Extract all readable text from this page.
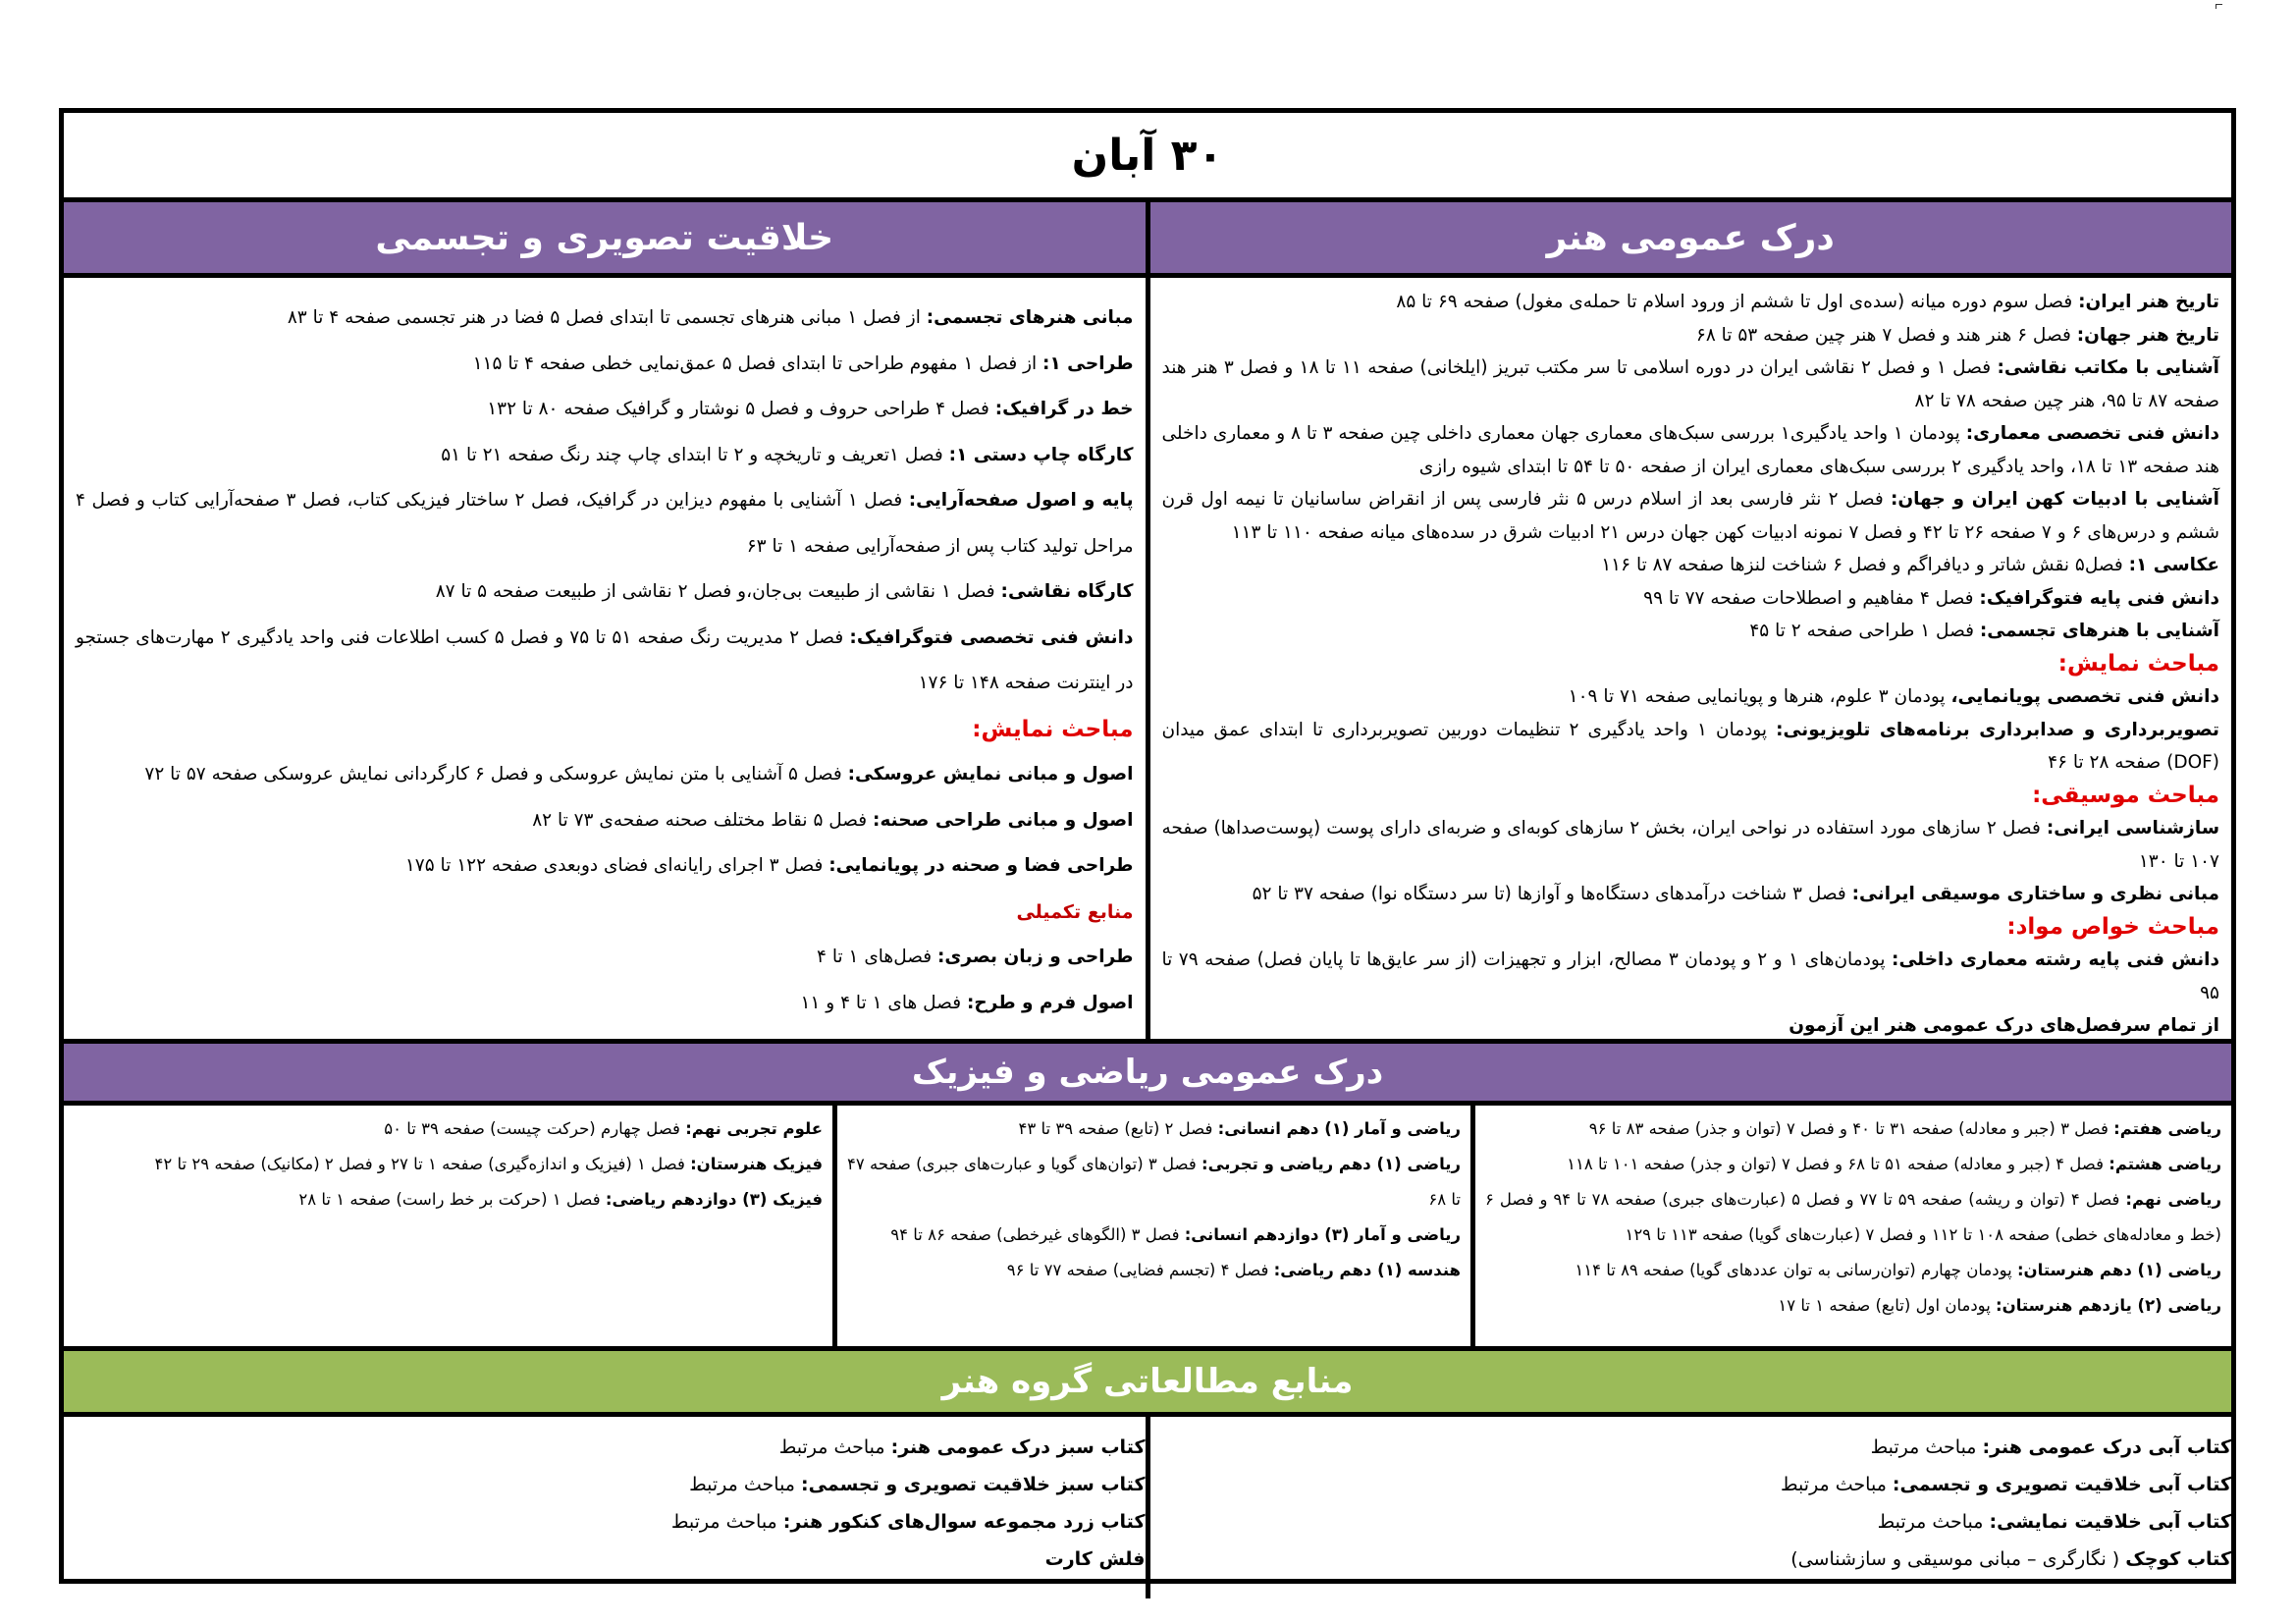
۳۰ آبان
درک عمومی هنر
خلاقیت تصویری و تجسمی
تاریخ هنر ایران: فصل سوم دوره میانه (سده‌ی اول تا ششم از ورود اسلام تا حمله‌ی مغول) صفحه ۶۹ تا ۸۵
تاریخ هنر جهان: فصل ۶ هنر هند و فصل ۷ هنر چین صفحه ۵۳ تا ۶۸
آشنایی با مکاتب نقاشی: فصل ۱ و فصل ۲ نقاشی ایران در دوره اسلامی تا سر مکتب تبریز (ایلخانی) صفحه ۱۱ تا ۱۸ و فصل ۳ هنر هند صفحه ۸۷ تا ۹۵، هنر چین صفحه ۷۸ تا ۸۲
دانش فنی تخصصی معماری: پودمان ۱ واحد یادگیری۱ بررسی سبک‌های معماری جهان معماری داخلی چین صفحه ۳ تا ۸ و معماری داخلی هند صفحه ۱۳ تا ۱۸، واحد یادگیری ۲ بررسی سبک‌های معماری ایران از صفحه ۵۰ تا ۵۴ تا ابتدای شیوه رازی
آشنایی با ادبیات کهن ایران و جهان: فصل ۲ نثر فارسی بعد از اسلام درس ۵ نثر فارسی پس از انقراض ساسانیان تا نیمه اول قرن ششم و درس‌های ۶ و ۷ صفحه ۲۶ تا ۴۲ و فصل ۷ نمونه ادبیات کهن جهان درس ۲۱ ادبیات شرق در سده‌های میانه صفحه ۱۱۰ تا ۱۱۳
عکاسی ۱: فصل۵ نقش شاتر و دیافراگم و فصل ۶ شناخت لنزها صفحه ۸۷ تا ۱۱۶
دانش فنی پایه فتوگرافیک: فصل ۴ مفاهیم و اصطلاحات صفحه ۷۷ تا ۹۹
آشنایی با هنرهای تجسمی: فصل ۱ طراحی صفحه ۲ تا ۴۵
مباحث نمایش:
دانش فنی تخصصی پویانمایی، پودمان ۳ علوم، هنرها و پویانمایی صفحه ۷۱ تا ۱۰۹
تصویربرداری و صدابرداری برنامه‌های تلویزیونی: پودمان ۱ واحد یادگیری ۲ تنظیمات دوربین تصویربرداری تا ابتدای عمق میدان (DOF) صفحه ۲۸ تا ۴۶
مباحث موسیقی:
سازشناسی ایرانی: فصل ۲ سازهای مورد استفاده در نواحی ایران، بخش ۲ سازهای کوبه‌ای و ضربه‌ای دارای پوست (پوست‌صداها) صفحه ۱۰۷ تا ۱۳۰
مبانی نظری و ساختاری موسیقی ایرانی: فصل ۳ شناخت درآمدهای دستگاه‌ها و آوازها (تا سر دستگاه نوا) صفحه ۳۷ تا ۵۲
مباحث خواص مواد:
دانش فنی پایه رشته معماری داخلی: پودمان‌های ۱ و ۲ و پودمان ۳ مصالح، ابزار و تجهیزات (از سر عایق‌ها تا پایان فصل) صفحه ۷۹ تا ۹۵
از تمام سرفصل‌های درک عمومی هنر این آزمون
مبانی هنرهای تجسمی: از فصل ۱ مبانی هنرهای تجسمی تا ابتدای فصل ۵ فضا در هنر تجسمی صفحه ۴ تا ۸۳
طراحی ۱: از فصل ۱ مفهوم طراحی تا ابتدای فصل ۵ عمق‌نمایی خطی صفحه ۴ تا ۱۱۵
خط در گرافیک: فصل ۴ طراحی حروف و فصل ۵ نوشتار و گرافیک صفحه ۸۰ تا ۱۳۲
کارگاه چاپ دستی ۱: فصل ۱تعریف و تاریخچه و ۲ تا ابتدای چاپ چند رنگ صفحه ۲۱ تا ۵۱
پایه و اصول صفحه‌آرایی: فصل ۱ آشنایی با مفهوم دیزاین در گرافیک، فصل ۲ ساختار فیزیکی کتاب، فصل ۳ صفحه‌آرایی کتاب و فصل ۴ مراحل تولید کتاب پس از صفحه‌آرایی صفحه ۱ تا ۶۳
کارگاه نقاشی: فصل ۱ نقاشی از طبیعت بی‌جان،و فصل ۲ نقاشی از طبیعت صفحه ۵ تا ۸۷
دانش فنی تخصصی فتوگرافیک: فصل ۲ مدیریت رنگ صفحه ۵۱ تا ۷۵ و فصل ۵ کسب اطلاعات فنی واحد یادگیری ۲ مهارت‌های جستجو در اینترنت صفحه ۱۴۸ تا ۱۷۶
مباحث نمایش:
اصول و مبانی نمایش عروسکی: فصل ۵ آشنایی با متن نمایش عروسکی و فصل ۶ کارگردانی نمایش عروسکی صفحه ۵۷ تا ۷۲
اصول و مبانی طراحی صحنه: فصل ۵ نقاط مختلف صحنه صفحه‌ی ۷۳ تا ۸۲
طراحی فضا و صحنه در پویانمایی: فصل ۳ اجرای رایانه‌ای فضای دوبعدی صفحه ۱۲۲ تا ۱۷۵
منابع تکمیلی
طراحی و زبان بصری: فصل‌های ۱ تا ۴
اصول فرم و طرح: فصل های ۱ تا ۴ و ۱۱
درک عمومی ریاضی و فیزیک
ریاضی هفتم: فصل ۳ (جبر و معادله) صفحه ۳۱ تا ۴۰ و فصل ۷ (توان و جذر) صفحه ۸۳ تا ۹۶
ریاضی هشتم: فصل ۴ (جبر و معادله) صفحه ۵۱ تا ۶۸ و فصل ۷ (توان و جذر) صفحه ۱۰۱ تا ۱۱۸
ریاضی نهم: فصل ۴ (توان و ریشه) صفحه ۵۹ تا ۷۷ و فصل ۵ (عبارت‌های جبری) صفحه ۷۸ تا ۹۴ و فصل ۶ (خط و معادله‌های خطی) صفحه ۱۰۸ تا ۱۱۲ و فصل ۷ (عبارت‌های گویا) صفحه ۱۱۳ تا ۱۲۹
ریاضی (۱) دهم هنرستان: پودمان چهارم (توان‌رسانی به توان عددهای گویا) صفحه ۸۹ تا ۱۱۴
ریاضی (۲) یازدهم هنرستان: پودمان اول (تابع) صفحه ۱ تا ۱۷
ریاضی و آمار (۱) دهم انسانی: فصل ۲ (تابع) صفحه ۳۹ تا ۴۳
ریاضی (۱) دهم ریاضی و تجربی: فصل ۳ (توان‌های گویا و عبارت‌های جبری) صفحه ۴۷ تا ۶۸
ریاضی و آمار (۳) دوازدهم انسانی: فصل ۳ (الگوهای غیرخطی) صفحه ۸۶ تا ۹۴
هندسه (۱) دهم ریاضی: فصل ۴ (تجسم فضایی) صفحه ۷۷ تا ۹۶
علوم تجربی نهم: فصل چهارم (حرکت چیست) صفحه ۳۹ تا ۵۰
فیزیک هنرستان: فصل ۱ (فیزیک و اندازه‌گیری) صفحه ۱ تا ۲۷ و فصل ۲ (مکانیک) صفحه ۲۹ تا ۴۲
فیزیک (۳) دوازدهم ریاضی: فصل ۱ (حرکت بر خط راست) صفحه ۱ تا ۲۸
منابع مطالعاتی گروه هنر
کتاب آبی درک عمومی هنر: مباحث مرتبط
کتاب آبی خلاقیت تصویری و تجسمی: مباحث مرتبط
کتاب آبی خلاقیت نمایشی: مباحث مرتبط
کتاب کوچک ( نگارگری – مبانی موسیقی و سازشناسی)
کتاب سبز درک عمومی هنر: مباحث مرتبط
کتاب سبز خلاقیت تصویری و تجسمی: مباحث مرتبط
کتاب زرد مجموعه سوال‌های کنکور هنر: مباحث مرتبط
فلش کارت
